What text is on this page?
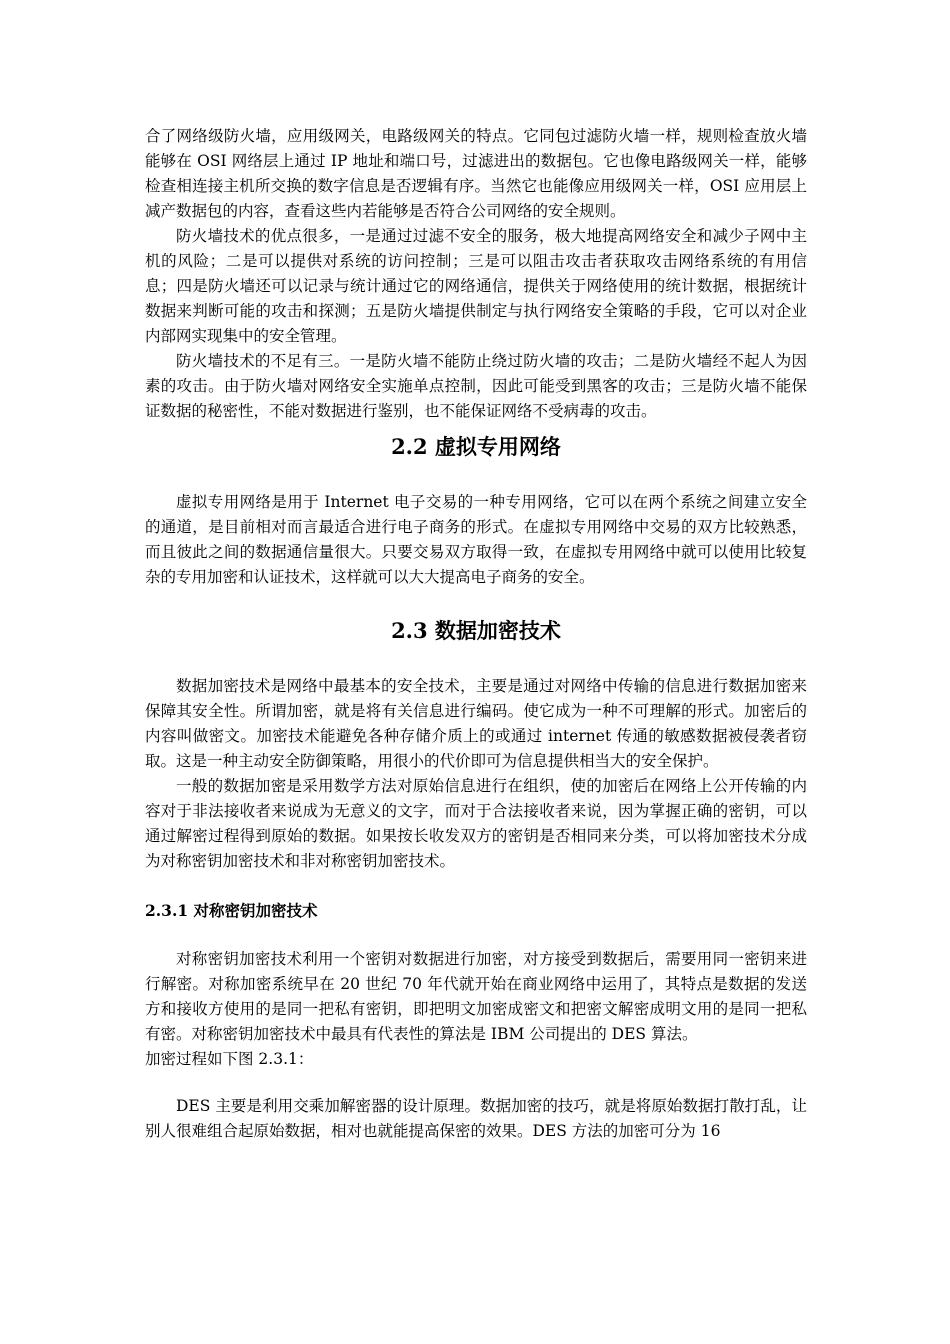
合了网络级防火墙，应用级网关，电路级网关的特点。它同包过滤防火墙一样，规则检查放火墙能够在 OSI 网络层上通过 IP 地址和端口号，过滤进出的数据包。它也像电路级网关一样，能够检查相连接主机所交换的数字信息是否逻辑有序。当然它也能像应用级网关一样，OSI 应用层上减产数据包的内容，查看这些内若能够是否符合公司网络的安全规则。

防火墙技术的优点很多，一是通过过滤不安全的服务，极大地提高网络安全和减少子网中主机的风险；二是可以提供对系统的访问控制；三是可以阻击攻击者获取攻击网络系统的有用信息；四是防火墙还可以记录与统计通过它的网络通信，提供关于网络使用的统计数据，根据统计数据来判断可能的攻击和探测；五是防火墙提供制定与执行网络安全策略的手段，它可以对企业内部网实现集中的安全管理。

防火墙技术的不足有三。一是防火墙不能防止绕过防火墙的攻击；二是防火墙经不起人为因素的攻击。由于防火墙对网络安全实施单点控制，因此可能受到黑客的攻击；三是防火墙不能保证数据的秘密性，不能对数据进行鉴别，也不能保证网络不受病毒的攻击。

2.2 虚拟专用网络

虚拟专用网络是用于 Internet 电子交易的一种专用网络，它可以在两个系统之间建立安全的通道，是目前相对而言最适合进行电子商务的形式。在虚拟专用网络中交易的双方比较熟悉，而且彼此之间的数据通信量很大。只要交易双方取得一致，在虚拟专用网络中就可以使用比较复杂的专用加密和认证技术，这样就可以大大提高电子商务的安全。

2.3 数据加密技术

数据加密技术是网络中最基本的安全技术，主要是通过对网络中传输的信息进行数据加密来保障其安全性。所谓加密，就是将有关信息进行编码。使它成为一种不可理解的形式。加密后的内容叫做密文。加密技术能避免各种存储介质上的或通过 internet 传通的敏感数据被侵袭者窃取。这是一种主动安全防御策略，用很小的代价即可为信息提供相当大的安全保护。

一般的数据加密是采用数学方法对原始信息进行在组织，使的加密后在网络上公开传输的内容对于非法接收者来说成为无意义的文字，而对于合法接收者来说，因为掌握正确的密钥，可以通过解密过程得到原始的数据。如果按长收发双方的密钥是否相同来分类，可以将加密技术分成为对称密钥加密技术和非对称密钥加密技术。

2.3.1 对称密钥加密技术

对称密钥加密技术利用一个密钥对数据进行加密，对方接受到数据后，需要用同一密钥来进行解密。对称加密系统早在 20 世纪 70 年代就开始在商业网络中运用了，其特点是数据的发送方和接收方使用的是同一把私有密钥，即把明文加密成密文和把密文解密成明文用的是同一把私有密。对称密钥加密技术中最具有代表性的算法是 IBM 公司提出的 DES 算法。

加密过程如下图 2.3.1：

DES 主要是利用交乘加解密器的设计原理。数据加密的技巧，就是将原始数据打散打乱，让别人很难组合起原始数据，相对也就能提高保密的效果。DES 方法的加密可分为 16
